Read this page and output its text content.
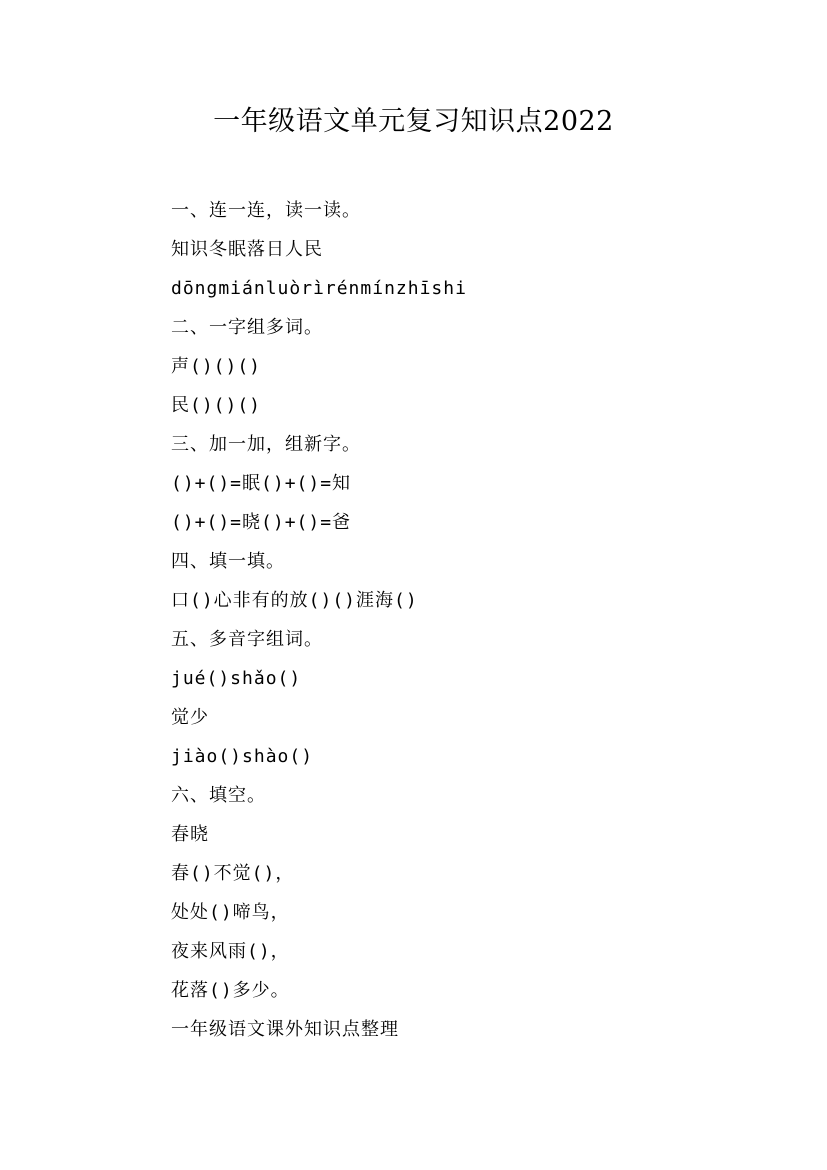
一年级语文单元复习知识点2022
一、连一连，读一读。
知识冬眠落日人民
dōngmiánluòrìrénmínzhīshi
二、一字组多词。
声()()()
民()()()
三、加一加，组新字。
()+()=眠()+()=知
()+()=晓()+()=爸
四、填一填。
口()心非有的放()()涯海()
五、多音字组词。
jué()shǎo()
觉少
jiào()shào()
六、填空。
春晓
春()不觉()，
处处()啼鸟，
夜来风雨()，
花落()多少。
一年级语文课外知识点整理
